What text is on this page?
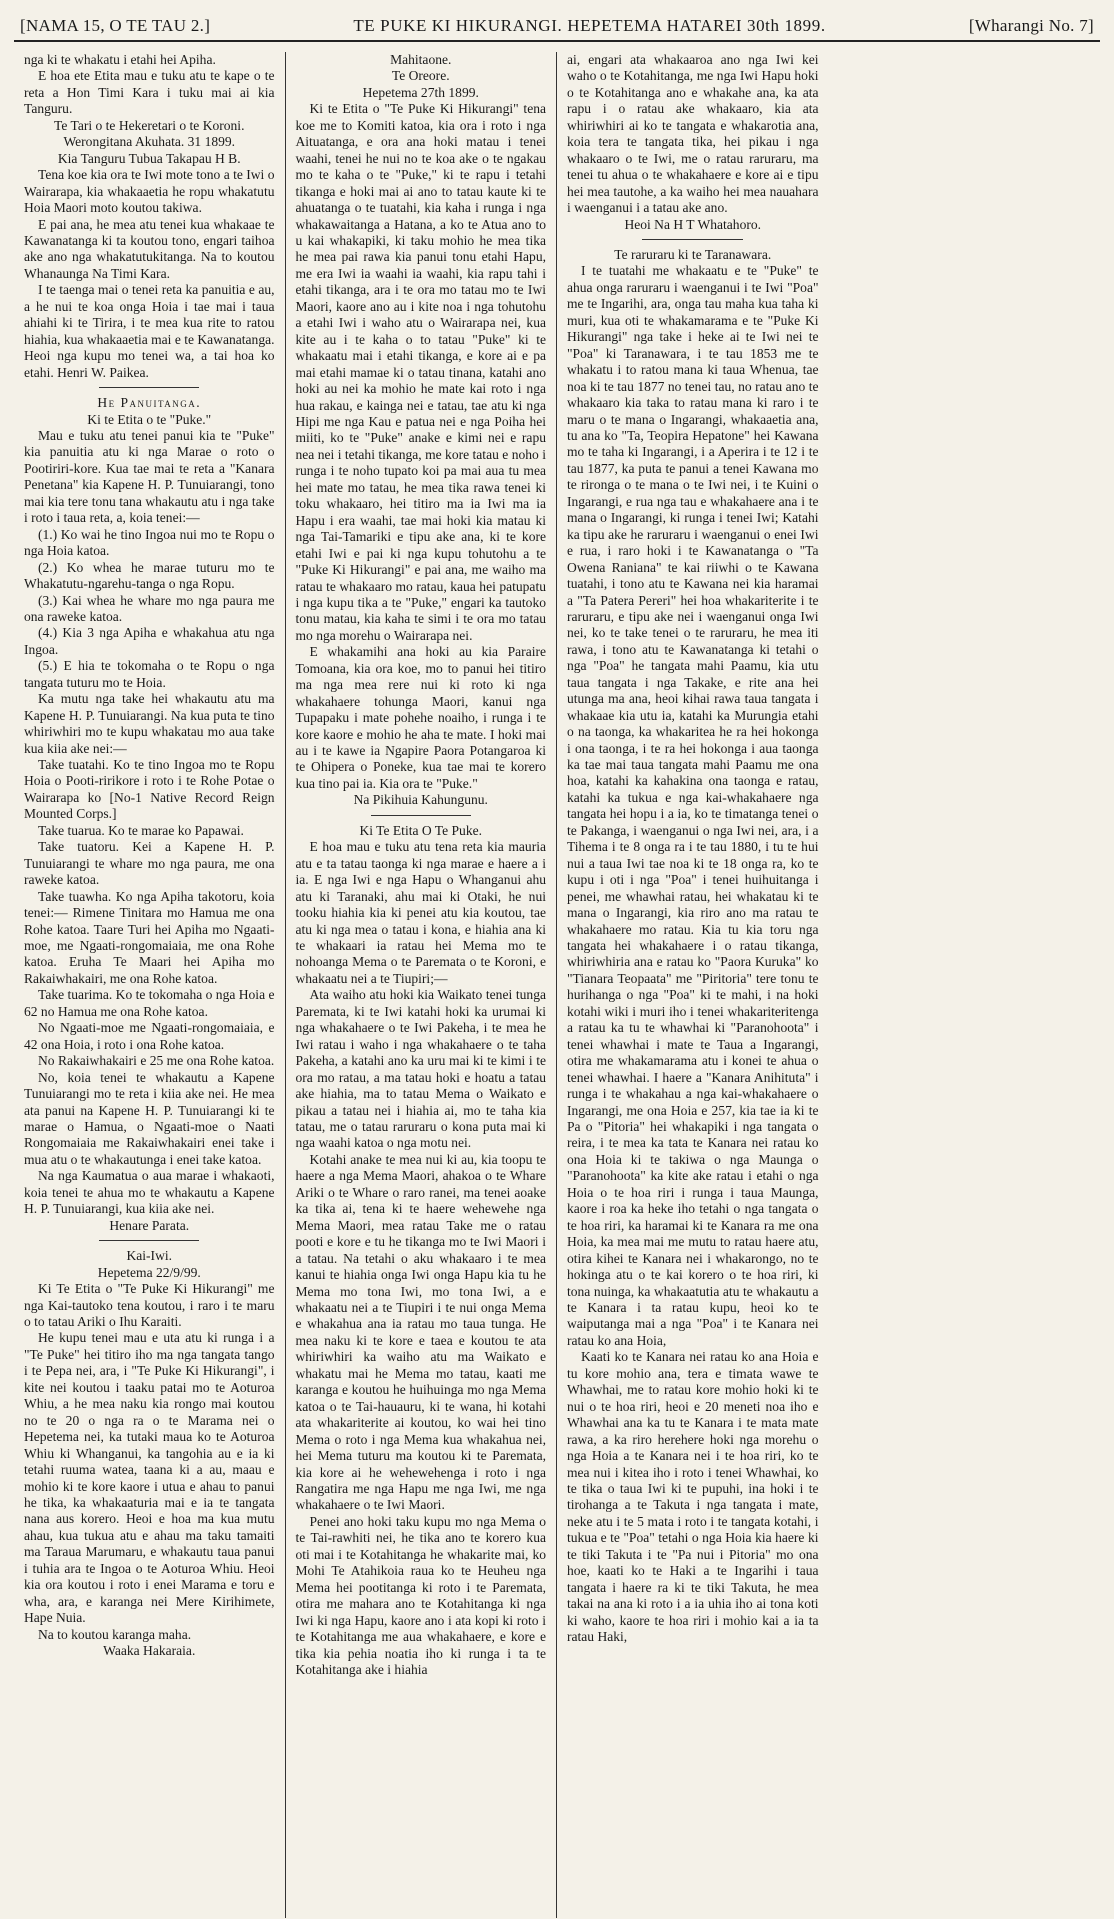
[NAMA 15, O TE TAU 2.]	TE PUKE KI HIKURANGI. HEPETEMA HATAREI 30th 1899.	[Wharangi No. 7]

nga ki te whakatu i etahi hei Apiha.

E hoa ete Etita mau e tuku atu te kape o te reta a Hon Timi Kara i tuku mai ai kia Tanguru.

Te Tari o te Hekeretari o te Koroni.

Werongitana Akuhata. 31 1899.

Kia Tanguru Tubua Takapau H B.

Tena koe kia ora te Iwi mote tono a te Iwi o Wairarapa, kia whakaaetia he ropu whakatutu Hoia Maori moto koutou takiwa.

E pai ana, he mea atu tenei kua whakaae te Kawanatanga ki ta koutou tono, engari taihoa ake ano nga whakatutukitanga. Na to koutou Whanaunga Na Timi Kara.

I te taenga mai o tenei reta ka panuitia e au, a he nui te koa onga Hoia i tae mai i taua ahiahi ki te Tirira, i te mea kua rite to ratou hiahia, kua whakaaetia mai e te Kawanatanga. Heoi nga kupu mo tenei wa, a tai hoa ko etahi. Henri W. Paikea.

He Panuitanga.

Ki te Etita o te "Puke."

Mau e tuku atu tenei panui kia te "Puke" kia panuitia atu ki nga Marae o roto o Pootiriri-kore. Kua tae mai te reta a "Kanara Penetana" kia Kapene H. P. Tunuiarangi, tono mai kia tere tonu tana whakautu atu i nga take i roto i taua reta, a, koia tenei:—

(1.) Ko wai he tino Ingoa nui mo te Ropu o nga Hoia katoa.

(2.) Ko whea he marae tuturu mo te Whakatutu-ngarehu-tanga o nga Ropu.

(3.) Kai whea he whare mo nga paura me ona raweke katoa.

(4.) Kia 3 nga Apiha e whakahua atu nga Ingoa.

(5.) E hia te tokomaha o te Ropu o nga tangata tuturu mo te Hoia.

Ka mutu nga take hei whakautu atu ma Kapene H. P. Tunuiarangi. Na kua puta te tino whiriwhiri mo te kupu whakatau mo aua take kua kiia ake nei:—

Take tuatahi. Ko te tino Ingoa mo te Ropu Hoia o Pooti-ririkore i roto i te Rohe Potae o Wairarapa ko [No-1 Native Record Reign Mounted Corps.]

Take tuarua. Ko te marae ko Papawai.

Take tuatoru. Kei a Kapene H. P. Tunuiarangi te whare mo nga paura, me ona raweke katoa.

Take tuawha. Ko nga Apiha takotoru, koia tenei:— Rimene Tinitara mo Hamua me ona Rohe katoa. Taare Turi hei Apiha mo Ngaati-moe, me Ngaati-rongomaiaia, me ona Rohe katoa. Eruha Te Maari hei Apiha mo Rakaiwhakairi, me ona Rohe katoa.

Take tuarima. Ko te tokomaha o nga Hoia e 62 no Hamua me ona Rohe katoa.

No Ngaati-moe me Ngaati-rongomaiaia, e 42 ona Hoia, i roto i ona Rohe katoa.

No Rakaiwhakairi e 25 me ona Rohe katoa.

No, koia tenei te whakautu a Kapene Tunuiarangi mo te reta i kiia ake nei. He mea ata panui na Kapene H. P. Tunuiarangi ki te marae o Hamua, o Ngaati-moe o Naati Rongomaiaia me Rakaiwhakairi enei take i mua atu o te whakautunga i enei take katoa.

Na nga Kaumatua o aua marae i whakaoti, koia tenei te ahua mo te whakautu a Kapene H. P. Tunuiarangi, kua kiia ake nei.

Henare Parata.

Kai-Iwi.

Hepetema 22/9/99.

Ki Te Etita o "Te Puke Ki Hikurangi" me nga Kai-tautoko tena koutou, i raro i te maru o to tatau Ariki o Ihu Karaiti.

He kupu tenei mau e uta atu ki runga i a "Te Puke" hei titiro iho ma nga tangata tango i te Pepa nei, ara, i "Te Puke Ki Hikurangi", i kite nei koutou i taaku patai mo te Aoturoa Whiu, a he mea naku kia rongo mai koutou no te 20 o nga ra o te Marama nei o Hepetema nei, ka tutaki maua ko te Aoturoa Whiu ki Whanganui, ka tangohia au e ia ki tetahi ruuma watea, taana ki a au, maau e mohio ki te kore kaore i utua e ahau to panui he tika, ka whakaaturia mai e ia te tangata nana aus korero. Heoi e hoa ma kua mutu ahau, kua tukua atu e ahau ma taku tamaiti ma Taraua Marumaru, e whakautu taua panui i tuhia ara te Ingoa o te Aoturoa Whiu. Heoi kia ora koutou i roto i enei Marama e toru e wha, ara, e karanga nei Mere Kirihimete, Hape Nuia.

Na to koutou karanga maha.

Waaka Hakaraia.

Mahitaone.

Te Oreore.

Hepetema 27th 1899.

Ki te Etita o "Te Puke Ki Hikurangi" tena koe me to Komiti katoa, kia ora i roto i nga Aituatanga, e ora ana hoki matau i tenei waahi, tenei he nui no te koa ake o te ngakau mo te kaha o te "Puke," ki te rapu i tetahi tikanga e hoki mai ai ano to tatau kaute ki te ahuatanga o te tuatahi, kia kaha i runga i nga whakawaitanga a Hatana, a ko te Atua ano to u kai whakapiki, ki taku mohio he mea tika he mea pai rawa kia panui tonu etahi Hapu, me era Iwi ia waahi ia waahi, kia rapu tahi i etahi tikanga, ara i te ora mo tatau mo te Iwi Maori, kaore ano au i kite noa i nga tohutohu a etahi Iwi i waho atu o Wairarapa nei, kua kite au i te kaha o to tatau "Puke" ki te whakaatu mai i etahi tikanga, e kore ai e pa mai etahi mamae ki o tatau tinana, katahi ano hoki au nei ka mohio he mate kai roto i nga hua rakau, e kainga nei e tatau, tae atu ki nga Hipi me nga Kau e patua nei e nga Poiha hei miiti, ko te "Puke" anake e kimi nei e rapu nea nei i tetahi tikanga, me kore tatau e noho i runga i te noho tupato koi pa mai aua tu mea hei mate mo tatau, he mea tika rawa tenei ki toku whakaaro, hei titiro ma ia Iwi ma ia Hapu i era waahi, tae mai hoki kia matau ki nga Tai-Tamariki e tipu ake ana, ki te kore etahi Iwi e pai ki nga kupu tohutohu a te "Puke Ki Hikurangi" e pai ana, me waiho ma ratau te whakaaro mo ratau, kaua hei patupatu i nga kupu tika a te "Puke," engari ka tautoko tonu matau, kia kaha te simi i te ora mo tatau mo nga morehu o Wairarapa nei.

E whakamihi ana hoki au kia Paraire Tomoana, kia ora koe, mo to panui hei titiro ma nga mea rere nui ki roto ki nga whakahaere tohunga Maori, kanui nga Tupapaku i mate pohehe noaiho, i runga i te kore kaore e mohio he aha te mate. I hoki mai au i te kawe ia Ngapire Paora Potangaroa ki te Ohipera o Poneke, kua tae mai te korero kua tino pai ia. Kia ora te "Puke."

Na Pikihuia Kahungunu.

Ki Te Etita O Te Puke.

E hoa mau e tuku atu tena reta kia mauria atu e ta tatau taonga ki nga marae e haere a i ia. E nga Iwi e nga Hapu o Whanganui ahu atu ki Taranaki, ahu mai ki Otaki, he nui tooku hiahia kia ki penei atu kia koutou, tae atu ki nga mea o tatau i kona, e hiahia ana ki te whakaari ia ratau hei Mema mo te nohoanga Mema o te Paremata o te Koroni, e whakaatu nei a te Tiupiri;—

Ata waiho atu hoki kia Waikato tenei tunga Paremata, ki te Iwi katahi hoki ka urumai ki nga whakahaere o te Iwi Pakeha, i te mea he Iwi ratau i waho i nga whakahaere o te taha Pakeha, a katahi ano ka uru mai ki te kimi i te ora mo ratau, a ma tatau hoki e hoatu a tatau ake hiahia, ma to tatau Mema o Waikato e pikau a tatau nei i hiahia ai, mo te taha kia tatau, me o tatau raruraru o kona puta mai ki nga waahi katoa o nga motu nei.

Kotahi anake te mea nui ki au, kia toopu te haere a nga Mema Maori, ahakoa o te Whare Ariki o te Whare o raro ranei, ma tenei aoake ka tika ai, tena ki te haere wehewehe nga Mema Maori, mea ratau Take me o ratau pooti e kore e tu he tikanga mo te Iwi Maori i a tatau. Na tetahi o aku whakaaro i te mea kanui te hiahia onga Iwi onga Hapu kia tu he Mema mo tona Iwi, mo tona Iwi, a e whakaatu nei a te Tiupiri i te nui onga Mema e whakahua ana ia ratau mo taua tunga. He mea naku ki te kore e taea e koutou te ata whiriwhiri ka waiho atu ma Waikato e whakatu mai he Mema mo tatau, kaati me karanga e koutou he huihuinga mo nga Mema katoa o te Tai-hauauru, ki te wana, hi kotahi ata whakariterite ai koutou, ko wai hei tino Mema o roto i nga Mema kua whakahua nei, hei Mema tuturu ma koutou ki te Paremata, kia kore ai he wehewehenga i roto i nga Rangatira me nga Hapu me nga Iwi, me nga whakahaere o te Iwi Maori.

Penei ano hoki taku kupu mo nga Mema o te Tai-rawhiti nei, he tika ano te korero kua oti mai i te Kotahitanga he whakarite mai, ko Mohi Te Atahikoia raua ko te Heuheu nga Mema hei pootitanga ki roto i te Paremata, otira me mahara ano te Kotahitanga ki nga Iwi ki nga Hapu, kaore ano i ata kopi ki roto i te Kotahitanga me aua whakahaere, e kore e tika kia pehia noatia iho ki runga i ta te Kotahitanga ake i hiahia

ai, engari ata whakaaroa ano nga Iwi kei waho o te Kotahitanga, me nga Iwi Hapu hoki o te Kotahitanga ano e whakahe ana, ka ata rapu i o ratau ake whakaaro, kia ata whiriwhiri ai ko te tangata e whakarotia ana, koia tera te tangata tika, hei pikau i nga whakaaro o te Iwi, me o ratau raruraru, ma tenei tu ahua o te whakahaere e kore ai e tipu hei mea tautohe, a ka waiho hei mea nauahara i waenganui i a tatau ake ano.

Heoi Na H T Whatahoro.

Te raruraru ki te Taranawara.

I te tuatahi me whakaatu e te "Puke" te ahua onga raruraru i waenganui i te Iwi "Poa" me te Ingarihi, ara, onga tau maha kua taha ki muri, kua oti te whakamarama e te "Puke Ki Hikurangi" nga take i heke ai te Iwi nei te "Poa" ki Taranawara, i te tau 1853 me te whakatu i to ratou mana ki taua Whenua, tae noa ki te tau 1877 no tenei tau, no ratau ano te whakaaro kia taka to ratau mana ki raro i te maru o te mana o Ingarangi, whakaaetia ana, tu ana ko "Ta, Teopira Hepatone" hei Kawana mo te taha ki Ingarangi, i a Aperira i te 12 i te tau 1877, ka puta te panui a tenei Kawana mo te rironga o te mana o te Iwi nei, i te Kuini o Ingarangi, e rua nga tau e whakahaere ana i te mana o Ingarangi, ki runga i tenei Iwi; Katahi ka tipu ake he raruraru i waenganui o enei Iwi e rua, i raro hoki i te Kawanatanga o "Ta Owena Raniana" te kai riiwhi o te Kawana tuatahi, i tono atu te Kawana nei kia haramai a "Ta Patera Pereri" hei hoa whakariterite i te raruraru, e tipu ake nei i waenganui onga Iwi nei, ko te take tenei o te raruraru, he mea iti rawa, i tono atu te Kawanatanga ki tetahi o nga "Poa" he tangata mahi Paamu, kia utu taua tangata i nga Takake, e rite ana hei utunga ma ana, heoi kihai rawa taua tangata i whakaae kia utu ia, katahi ka Murungia etahi o na taonga, ka whakaritea he ra hei hokonga i ona taonga, i te ra hei hokonga i aua taonga ka tae mai taua tangata mahi Paamu me ona hoa, katahi ka kahakina ona taonga e ratau, katahi ka tukua e nga kai-whakahaere nga tangata hei hopu i a ia, ko te timatanga tenei o te Pakanga, i waenganui o nga Iwi nei, ara, i a Tihema i te 8 onga ra i te tau 1880, i tu te hui nui a taua Iwi tae noa ki te 18 onga ra, ko te kupu i oti i nga "Poa" i tenei huihuitanga i penei, me whawhai ratau, hei whakatau ki te mana o Ingarangi, kia riro ano ma ratau te whakahaere mo ratau. Kia tu kia toru nga tangata hei whakahaere i o ratau tikanga, whiriwhiria ana e ratau ko "Paora Kuruka" ko "Tianara Teopaata" me "Piritoria" tere tonu te hurihanga o nga "Poa" ki te mahi, i na hoki kotahi wiki i muri iho i tenei whakariteritenga a ratau ka tu te whawhai ki "Paranohoota" i tenei whawhai i mate te Taua a Ingarangi, otira me whakamarama atu i konei te ahua o tenei whawhai. I haere a "Kanara Anihituta" i runga i te whakahau a nga kai-whakahaere o Ingarangi, me ona Hoia e 257, kia tae ia ki te Pa o "Pitoria" hei whakapiki i nga tangata o reira, i te mea ka tata te Kanara nei ratau ko ona Hoia ki te takiwa o nga Maunga o "Paranohoota" ka kite ake ratau i etahi o nga Hoia o te hoa riri i runga i taua Maunga, kaore i roa ka heke iho tetahi o nga tangata o te hoa riri, ka haramai ki te Kanara ra me ona Hoia, ka mea mai me mutu to ratau haere atu, otira kihei te Kanara nei i whakarongo, no te hokinga atu o te kai korero o te hoa riri, ki tona nuinga, ka whakaatutia atu te whakautu a te Kanara i ta ratau kupu, heoi ko te waiputanga mai a nga "Poa" i te Kanara nei ratau ko ana Hoia,

Kaati ko te Kanara nei ratau ko ana Hoia e tu kore mohio ana, tera e timata wawe te Whawhai, me to ratau kore mohio hoki ki te nui o te hoa riri, heoi e 20 meneti noa iho e Whawhai ana ka tu te Kanara i te mata mate rawa, a ka riro herehere hoki nga morehu o nga Hoia a te Kanara nei i te hoa riri, ko te mea nui i kitea iho i roto i tenei Whawhai, ko te tika o taua Iwi ki te pupuhi, ina hoki i te tirohanga a te Takuta i nga tangata i mate, neke atu i te 5 mata i roto i te tangata kotahi, i tukua e te "Poa" tetahi o nga Hoia kia haere ki te tiki Takuta i te "Pa nui i Pitoria" mo ona hoe, kaati ko te Haki a te Ingarihi i taua tangata i haere ra ki te tiki Takuta, he mea takai na ana ki roto i a ia uhia iho ai tona koti ki waho, kaore te hoa riri i mohio kai a ia ta ratau Haki,
